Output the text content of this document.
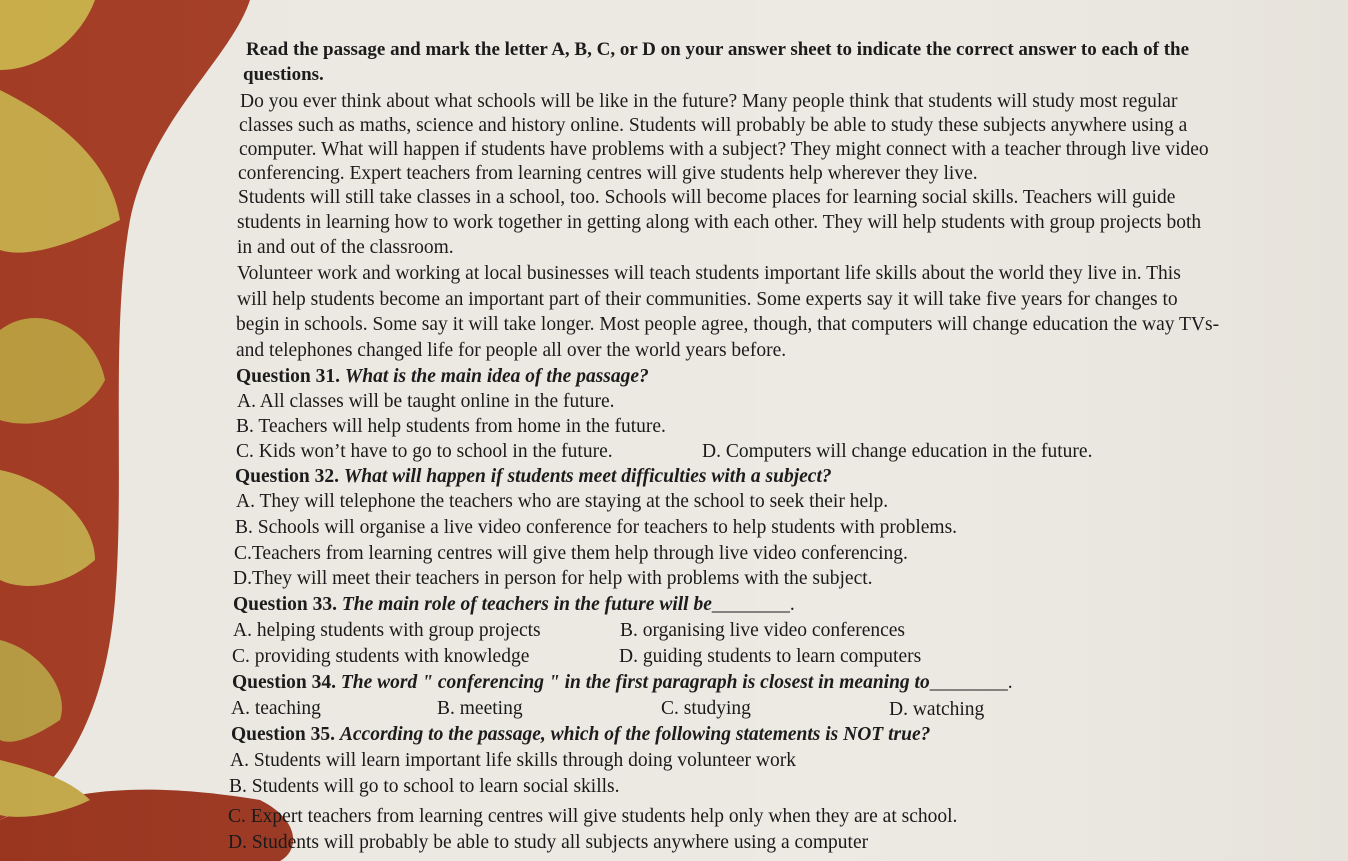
Read the passage and mark the letter A, B, C, or D on your answer sheet to indicate the correct answer to each of the
questions.
Do you ever think about what schools will be like in the future? Many people think that students will study most regular
classes such as maths, science and history online. Students will probably be able to study these subjects anywhere using a
computer. What will happen if students have problems with a subject? They might connect with a teacher through live video
conferencing. Expert teachers from learning centres will give students help wherever they live.
Students will still take classes in a school, too. Schools will become places for learning social skills. Teachers will guide
students in learning how to work together in getting along with each other. They will help students with group projects both
in and out of the classroom.
Volunteer work and working at local businesses will teach students important life skills about the world they live in. This
will help students become an important part of their communities. Some experts say it will take five years for changes to
begin in schools. Some say it will take longer. Most people agree, though, that computers will change education the way TVs-
and telephones changed life for people all over the world years before.
Question 31. What is the main idea of the passage?
A. All classes will be taught online in the future.
B. Teachers will help students from home in the future.
C. Kids won’t have to go to school in the future.	D. Computers will change education in the future.
Question 32. What will happen if students meet difficulties with a subject?
A. They will telephone the teachers who are staying at the school to seek their help.
B. Schools will organise a live video conference for teachers to help students with problems.
C.Teachers from learning centres will give them help through live video conferencing.
D.They will meet their teachers in person for help with problems with the subject.
Question 33. The main role of teachers in the future will be________.
A. helping students with group projects	B. organising live video conferences
C. providing students with knowledge	D. guiding students to learn computers
Question 34. The word " conferencing " in the first paragraph is closest in meaning to________.
A. teaching	B. meeting	C. studying	D. watching
Question 35. According to the passage, which of the following statements is NOT true?
A. Students will learn important life skills through doing volunteer work
B. Students will go to school to learn social skills.
C. Expert teachers from learning centres will give students help only when they are at school.
D. Students will probably be able to study all subjects anywhere using a computer
